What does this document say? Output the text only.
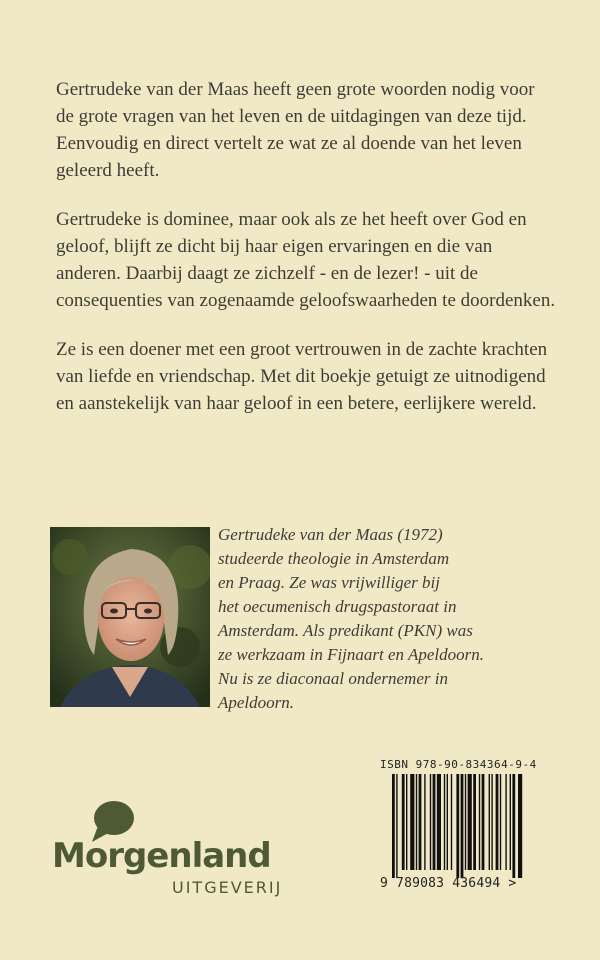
Gertrudeke van der Maas heeft geen grote woorden nodig voor de grote vragen van het leven en de uitdagingen van deze tijd. Eenvoudig en direct vertelt ze wat ze al doende van het leven geleerd heeft.

Gertrudeke is dominee, maar ook als ze het heeft over God en geloof, blijft ze dicht bij haar eigen ervaringen en die van anderen. Daarbij daagt ze zichzelf - en de lezer! - uit de consequenties van zogenaamde geloofswaarheden te doordenken.

Ze is een doener met een groot vertrouwen in de zachte krachten van liefde en vriendschap. Met dit boekje getuigt ze uitnodigend en aanstekelijk van haar geloof in een betere, eerlijkere wereld.

Gertrudeke van der Maas (1972)
studeerde theologie in Amsterdam
en Praag. Ze was vrijwilliger bij
het oecumenisch drugspastoraat in
Amsterdam. Als predikant (PKN) was
ze werkzaam in Fijnaart en Apeldoorn.
Nu is ze diaconaal ondernemer in
Apeldoorn.

Morgenland
UITGEVERIJ
ISBN 978-90-834364-9-4
9 789083 436494 >
